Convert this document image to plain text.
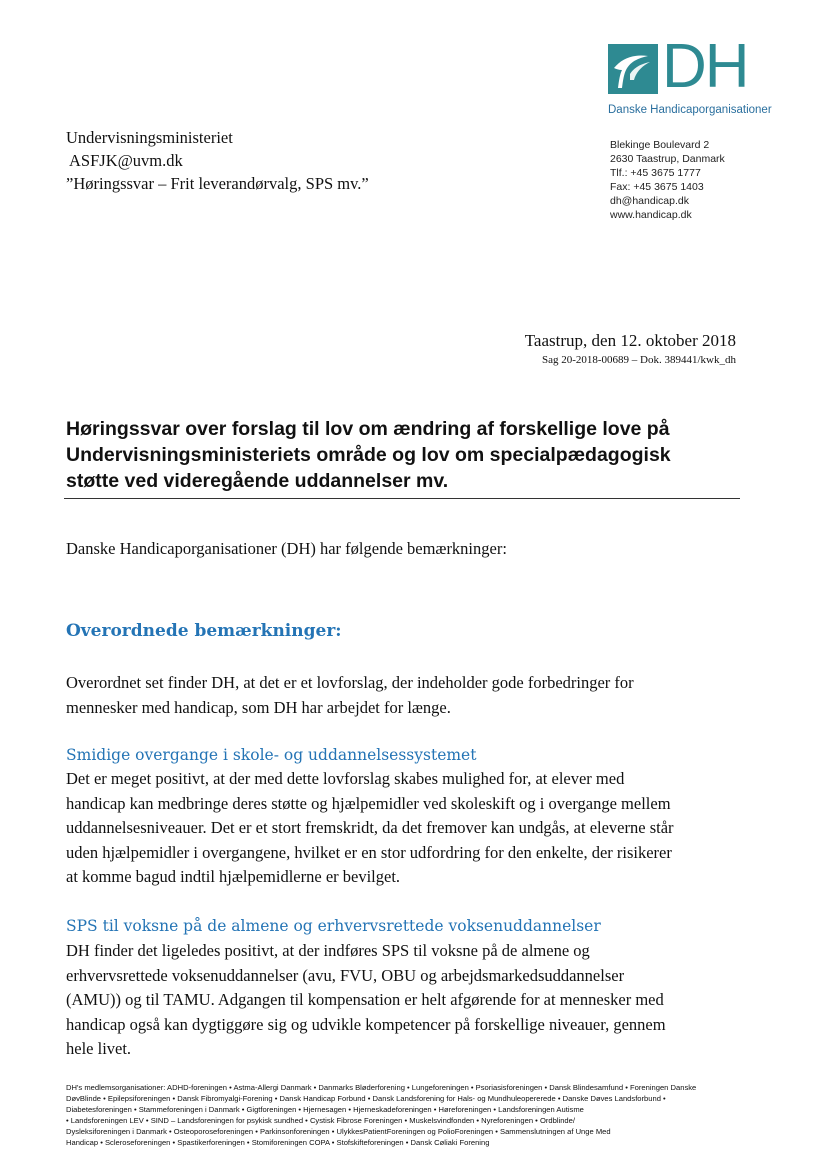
DH
Danske Handicaporganisationer
Undervisningsministeriet
ASFJK@uvm.dk
”Høringssvar – Frit leverandørvalg, SPS mv.”
Blekinge Boulevard 2
2630 Taastrup, Danmark
Tlf.: +45 3675 1777
Fax: +45 3675 1403
dh@handicap.dk
www.handicap.dk
Taastrup, den 12. oktober 2018
Sag 20-2018-00689 – Dok. 389441/kwk_dh
Høringssvar over forslag til lov om ændring af forskellige love på
Undervisningsministeriets område og lov om specialpædagogisk
støtte ved videregående uddannelser mv.
Danske Handicaporganisationer (DH) har følgende bemærkninger:
Overordnede bemærkninger:
Overordnet set finder DH, at det er et lovforslag, der indeholder gode forbedringer for
mennesker med handicap, som DH har arbejdet for længe.
Smidige overgange i skole- og uddannelsessystemet
Det er meget positivt, at der med dette lovforslag skabes mulighed for, at elever med
handicap kan medbringe deres støtte og hjælpemidler ved skoleskift og i overgange mellem
uddannelsesniveauer. Det er et stort fremskridt, da det fremover kan undgås, at eleverne står
uden hjælpemidler i overgangene, hvilket er en stor udfordring for den enkelte, der risikerer
at komme bagud indtil hjælpemidlerne er bevilget.
SPS til voksne på de almene og erhvervsrettede voksenuddannelser
DH finder det ligeledes positivt, at der indføres SPS til voksne på de almene og
erhvervsrettede voksenuddannelser (avu, FVU, OBU og arbejdsmarkedsuddannelser
(AMU)) og til TAMU. Adgangen til kompensation er helt afgørende for at mennesker med
handicap også kan dygtiggøre sig og udvikle kompetencer på forskellige niveauer, gennem
hele livet.
DH's medlemsorganisationer: ADHD-foreningen • Astma-Allergi Danmark • Danmarks Bløderforening • Lungeforeningen • Psoriasisforeningen • Dansk Blindesamfund • Foreningen Danske
DøvBlinde • Epilepsiforeningen • Dansk Fibromyalgi-Forening • Dansk Handicap Forbund • Dansk Landsforening for Hals- og Mundhuleopererede • Danske Døves Landsforbund •
Diabetesforeningen • Stammeforeningen i Danmark • Gigtforeningen • Hjernesagen • Hjerneskadeforeningen • Høreforeningen • Landsforeningen Autisme
• Landsforeningen LEV • SIND – Landsforeningen for psykisk sundhed • Cystisk Fibrose Foreningen • Muskelsvindfonden • Nyreforeningen • Ordblinde/
Dysleksiforeningen i Danmark • Osteoporoseforeningen • Parkinsonforeningen • UlykkesPatientForeningen og PolioForeningen • Sammenslutningen af Unge Med
Handicap • Scleroseforeningen • Spastikerforeningen • Stomiforeningen COPA • Stofskifteforeningen • Dansk Cøliaki Forening
